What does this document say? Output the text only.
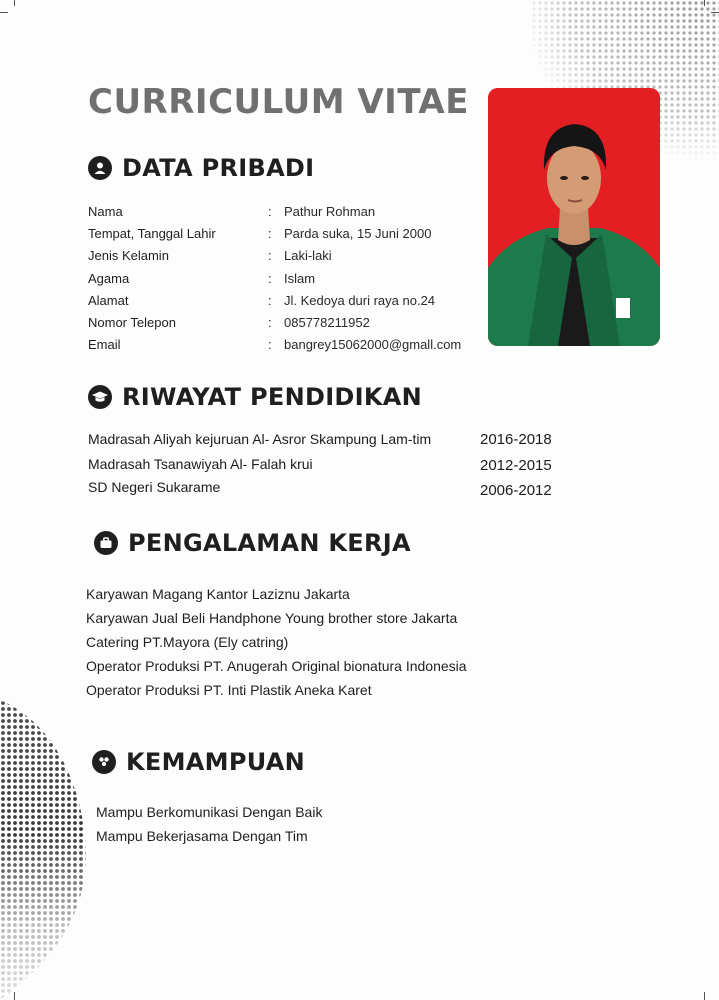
CURRICULUM VITAE
DATA PRIBADI
Nama	: Pathur Rohman
Tempat, Tanggal Lahir	: Parda suka, 15 Juni 2000
Jenis Kelamin	: Laki-laki
Agama	: Islam
Alamat	: Jl. Kedoya duri raya no.24
Nomor Telepon	: 085778211952
Email	: bangrey15062000@gmall.com
RIWAYAT PENDIDIKAN
Madrasah Aliyah kejuruan Al- Asror Skampung Lam-tim	2016-2018
Madrasah Tsanawiyah Al- Falah krui	2012-2015
SD Negeri Sukarame	2006-2012
PENGALAMAN KERJA
Karyawan Magang Kantor Laziznu Jakarta
Karyawan Jual Beli Handphone Young brother store Jakarta
Catering PT.Mayora (Ely catring)
Operator Produksi PT. Anugerah Original bionatura Indonesia
Operator Produksi PT. Inti Plastik Aneka Karet
KEMAMPUAN
Mampu Berkomunikasi Dengan Baik
Mampu Bekerjasama Dengan Tim
